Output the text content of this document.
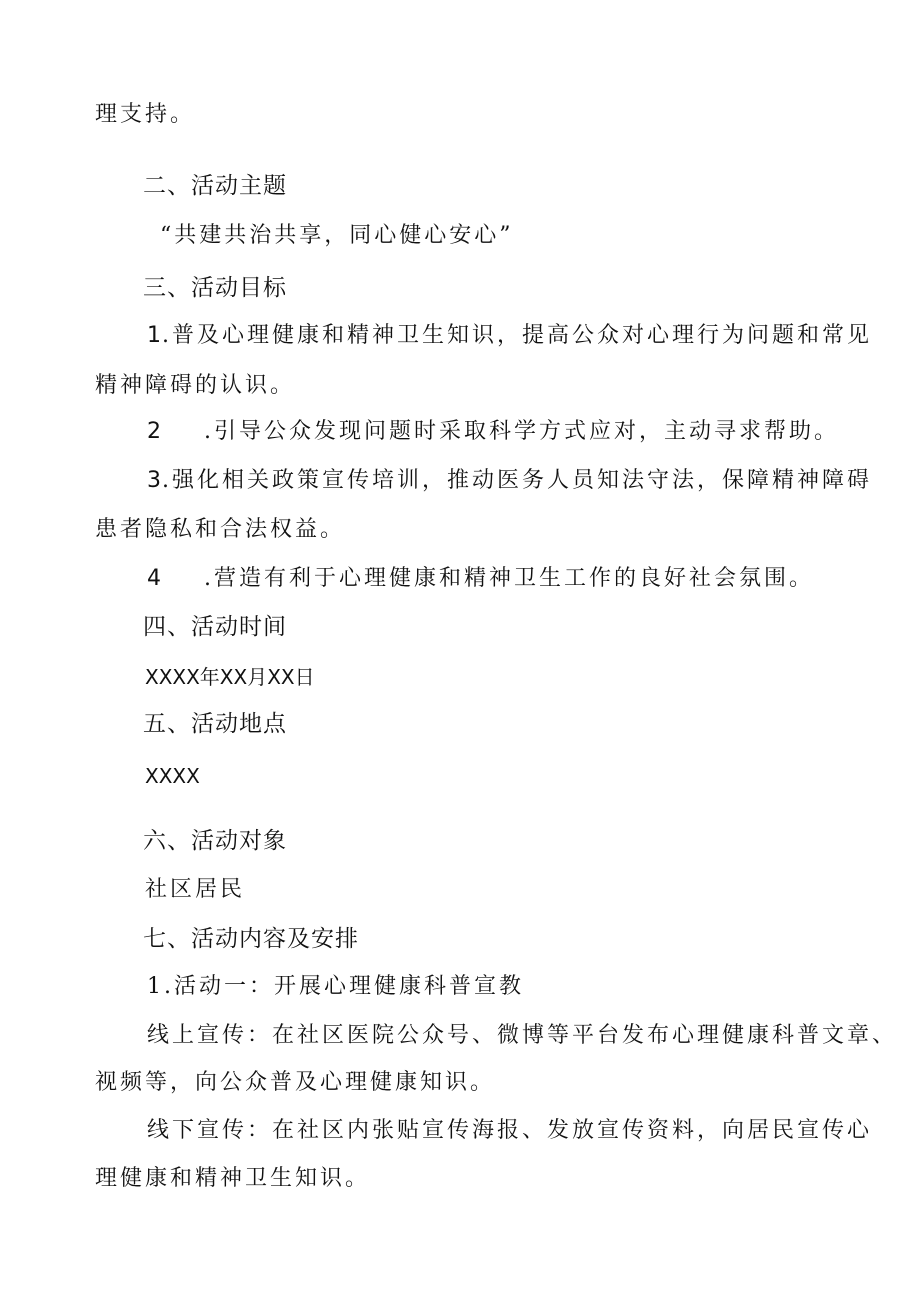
理支持。
二、活动主题
“共建共治共享，同心健心安心”
三、活动目标
1.普及心理健康和精神卫生知识，提高公众对心理行为问题和常见
精神障碍的认识。
2 .引导公众发现问题时采取科学方式应对，主动寻求帮助。
3.强化相关政策宣传培训，推动医务人员知法守法，保障精神障碍
患者隐私和合法权益。
4 .营造有利于心理健康和精神卫生工作的良好社会氛围。
四、活动时间
XXXX年XX月XX日
五、活动地点
XXXX
六、活动对象
社区居民
七、活动内容及安排
1.活动一：开展心理健康科普宣教
线上宣传：在社区医院公众号、微博等平台发布心理健康科普文章、
视频等，向公众普及心理健康知识。
线下宣传：在社区内张贴宣传海报、发放宣传资料，向居民宣传心
理健康和精神卫生知识。
